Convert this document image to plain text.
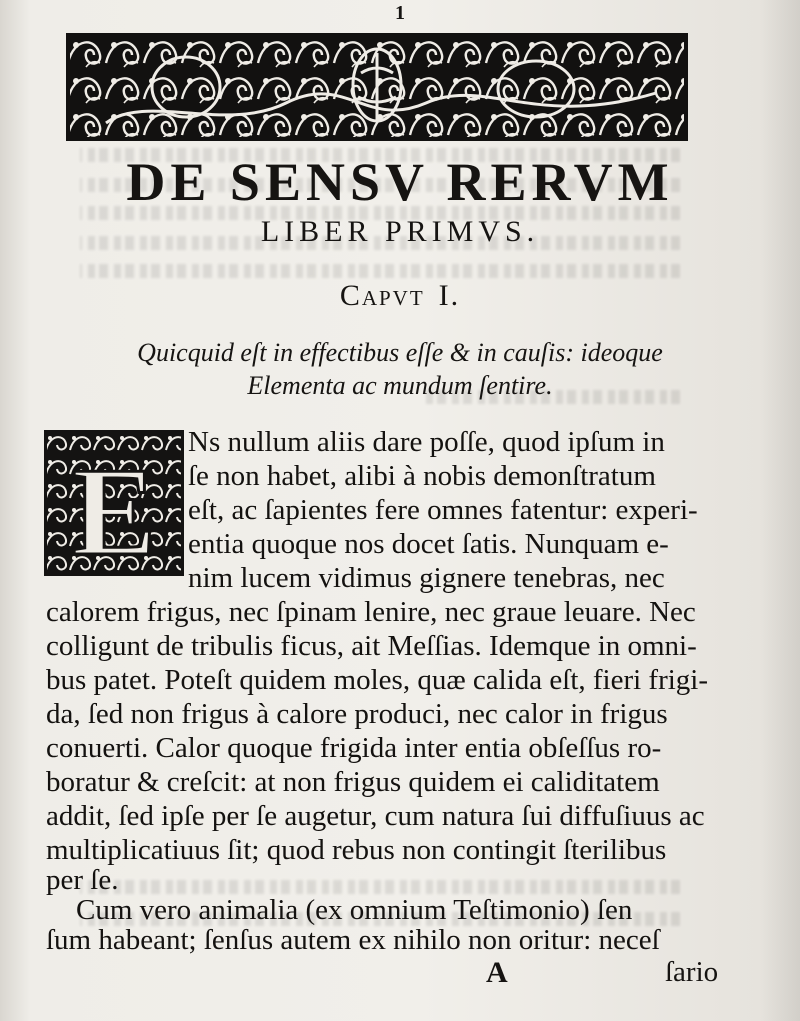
1
DE SENSV RERVM
LIBER PRIMVS.
Capvt I.
Quicquid eſt in effectibus eſſe & in cauſis: ideoque
Elementa ac mundum ſentire.
E
Ns nullum aliis dare poſſe, quod ipſum in
ſe non habet, alibi à nobis demonſtratum
eſt, ac ſapientes fere omnes fatentur: experi-
entia quoque nos docet ſatis. Nunquam e-
nim lucem vidimus gignere tenebras, nec
calorem frigus, nec ſpinam lenire, nec graue leuare. Nec
colligunt de tribulis ficus, ait Meſſias. Idemque in omni-
bus patet. Poteſt quidem moles, quæ calida eſt, fieri frigi-
da, ſed non frigus à calore produci, nec calor in frigus
conuerti. Calor quoque frigida inter entia obſeſſus ro-
boratur & creſcit: at non frigus quidem ei caliditatem
addit, ſed ipſe per ſe augetur, cum natura ſui diffuſiuus ac
multiplicatiuus ſit; quod rebus non contingit ſterilibus
per ſe.
Cum vero animalia (ex omnium Teſtimonio) ſen
ſum habeant; ſenſus autem ex nihilo non oritur: neceſ
A	ſario
